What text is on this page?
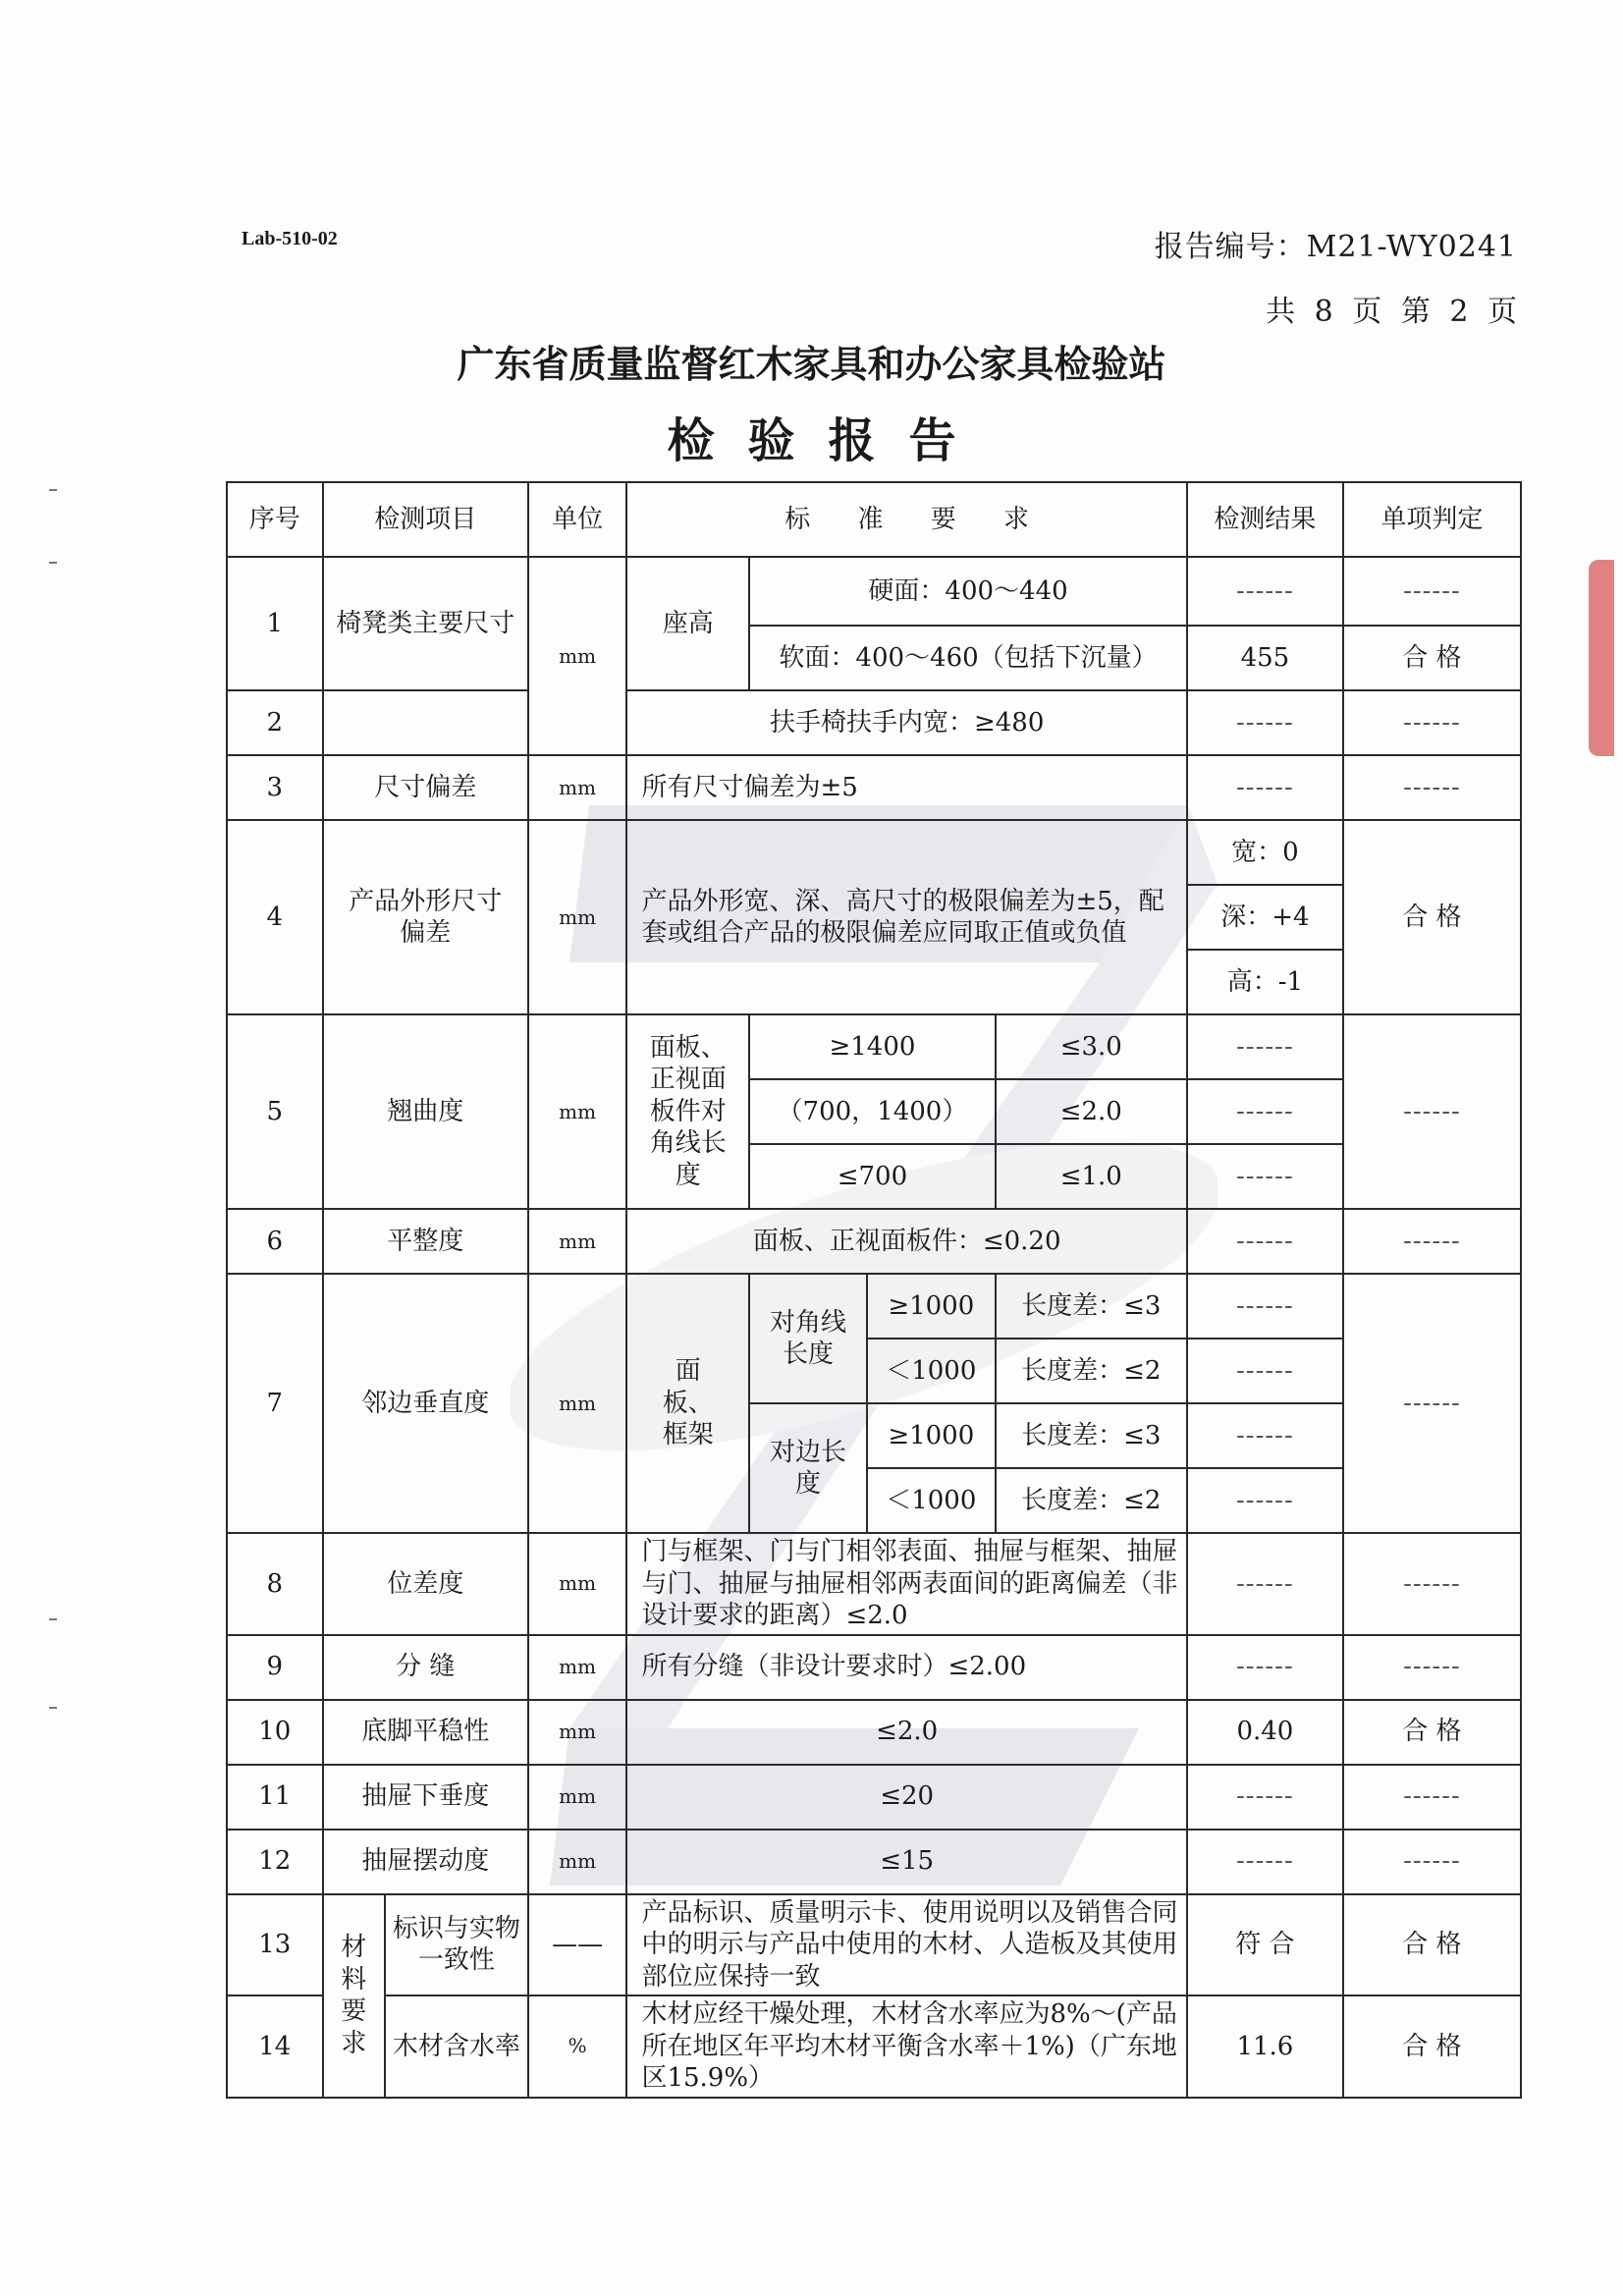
Lab-510-02	报告编号：M21-WY0241
共 8 页 第 2 页
广东省质量监督红木家具和办公家具检验站
检验报告
序号	检测项目		单位	标 准 要 求				检测结果	单项判定
1	椅凳类主要尺寸		mm	座高	硬面：400～440			------	------
					软面：400～460（包括下沉量）			455	合 格
2				扶手椅扶手内宽：≥480				------	------
3	尺寸偏差		mm	所有尺寸偏差为±5				------	------
4	产品外形尺寸偏差		mm	产品外形宽、深、高尺寸的极限偏差为±5，配套或组合产品的极限偏差应同取正值或负值				宽：0	合 格
								深：+4	
								高：-1	
5	翘曲度		mm	面板、正视面板件对角线长度	≥1400		≤3.0	------	------
					（700，1400）		≤2.0	------	
					≤700		≤1.0	------	
6	平整度		mm	面板、正视面板件：≤0.20				------	------
7	邻边垂直度		mm	面板、框架	对角线长度	≥1000	长度差：≤3	------	------
						＜1000	长度差：≤2	------	
					对边长度	≥1000	长度差：≤3	------	
						＜1000	长度差：≤2	------	
8	位差度		mm	门与框架、门与门相邻表面、抽屉与框架、抽屉与门、抽屉与抽屉相邻两表面间的距离偏差（非设计要求的距离）≤2.0				------	------
9	分 缝		mm	所有分缝（非设计要求时）≤2.00				------	------
10	底脚平稳性		mm	≤2.0				0.40	合 格
11	抽屉下垂度		mm	≤20				------	------
12	抽屉摆动度		mm	≤15				------	------
13	材料要求	标识与实物一致性	——	产品标识、质量明示卡、使用说明以及销售合同中的明示与产品中使用的木材、人造板及其使用部位应保持一致				符 合	合 格
14		木材含水率	%	木材应经干燥处理，木材含水率应为8%～(产品所在地区年平均木材平衡含水率＋1%)（广东地区15.9%）				11.6	合 格
